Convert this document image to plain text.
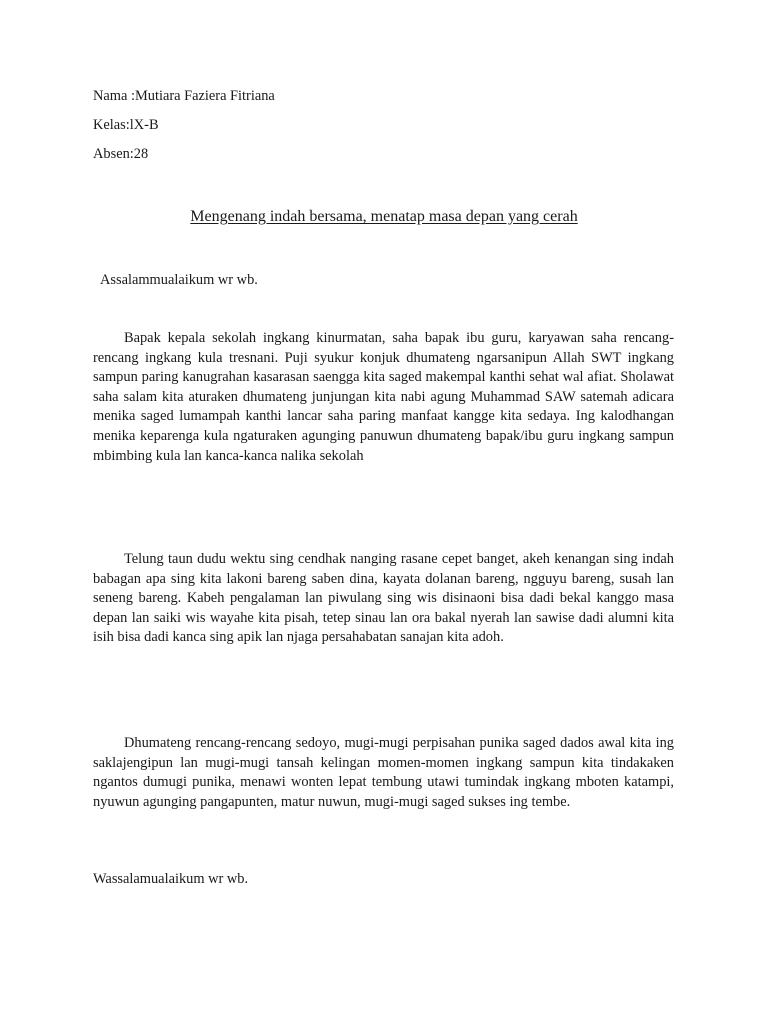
Nama :Mutiara Faziera Fitriana
Kelas:lX-B
Absen:28
Mengenang indah bersama, menatap masa depan yang cerah
Assalammualaikum wr wb.
Bapak kepala sekolah ingkang kinurmatan, saha bapak ibu guru, karyawan saha rencang-rencang ingkang kula tresnani. Puji syukur konjuk dhumateng ngarsanipun Allah SWT ingkang sampun paring kanugrahan kasarasan saengga kita saged makempal kanthi sehat wal afiat. Sholawat saha salam kita aturaken dhumateng junjungan kita nabi agung Muhammad SAW satemah adicara menika saged lumampah kanthi lancar saha paring manfaat kangge kita sedaya. Ing kalodhangan menika keparenga kula ngaturaken agunging panuwun dhumateng bapak/ibu guru ingkang sampun mbimbing kula lan kanca-kanca nalika sekolah
Telung taun dudu wektu sing cendhak nanging rasane cepet banget, akeh kenangan sing indah babagan apa sing kita lakoni bareng saben dina, kayata dolanan bareng, ngguyu bareng, susah lan seneng bareng. Kabeh pengalaman lan piwulang sing wis disinaoni bisa dadi bekal kanggo masa depan lan saiki wis wayahe kita pisah, tetep sinau lan ora bakal nyerah lan sawise dadi alumni kita isih bisa dadi kanca sing apik lan njaga persahabatan sanajan kita adoh.
Dhumateng rencang-rencang sedoyo, mugi-mugi perpisahan punika saged dados awal kita ing saklajengipun lan mugi-mugi tansah kelingan momen-momen ingkang sampun kita tindakaken ngantos dumugi punika, menawi wonten lepat tembung utawi tumindak ingkang mboten katampi, nyuwun agunging pangapunten, matur nuwun, mugi-mugi saged sukses ing tembe.
Wassalamualaikum wr wb.
